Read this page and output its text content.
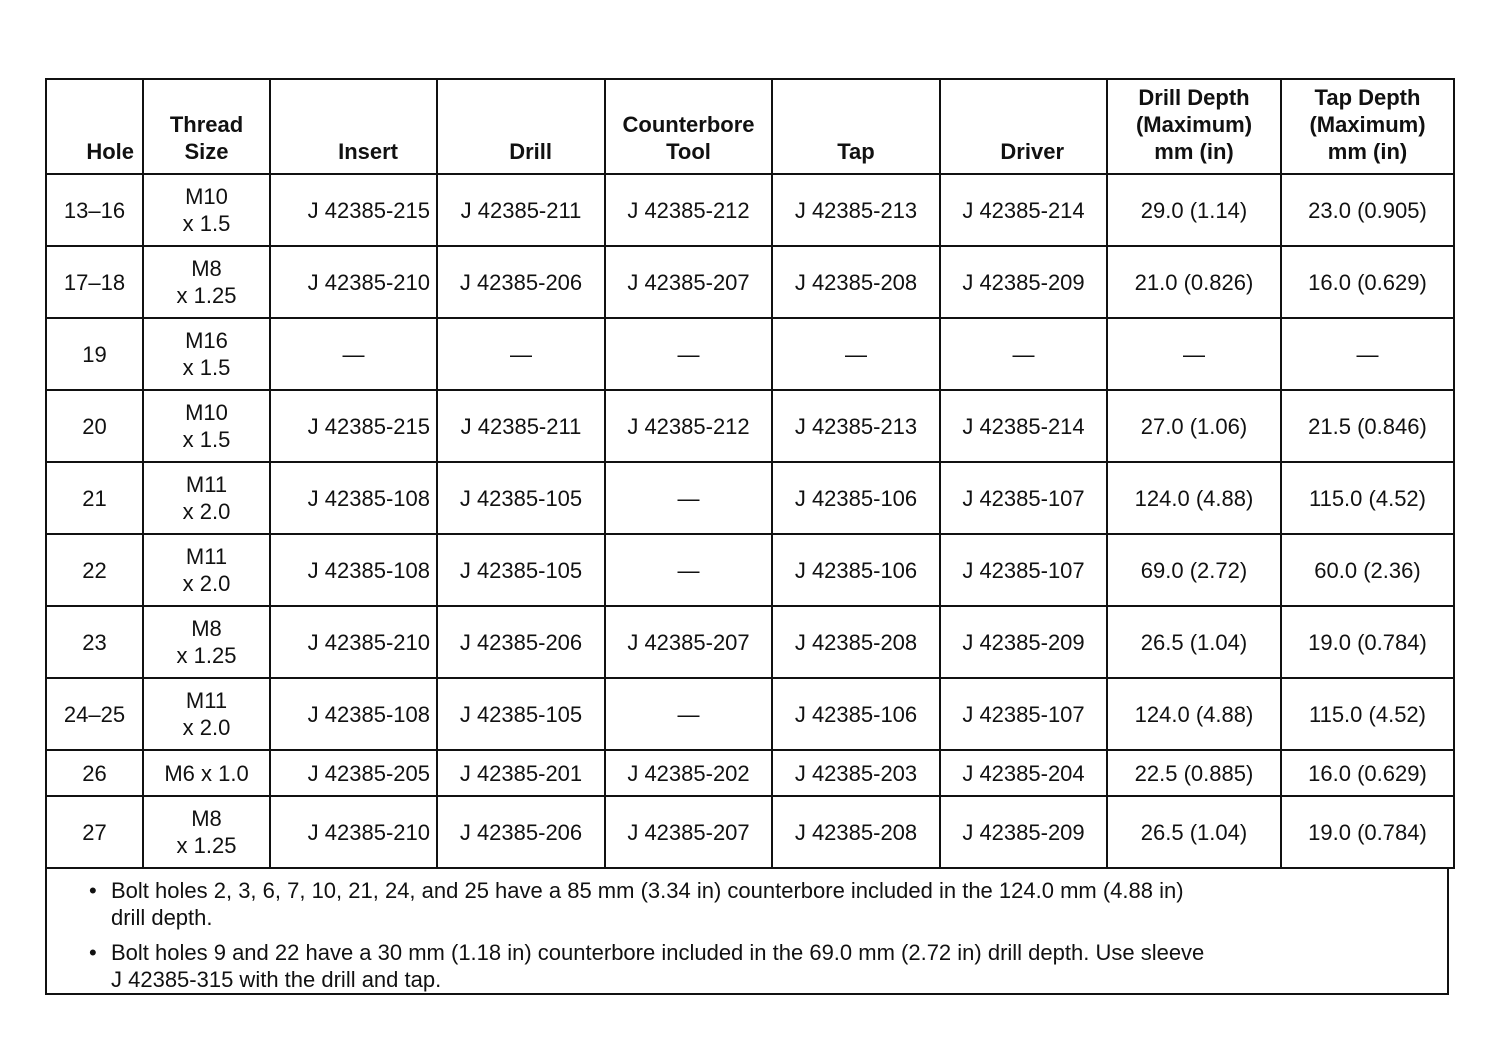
Hole	Thread
Size	Insert	Drill	Counterbore
Tool	Tap	Driver	Drill Depth
(Maximum)
mm (in)	Tap Depth
(Maximum)
mm (in)
13–16	M10
x 1.5	J 42385-215	J 42385-211	J 42385-212	J 42385-213	J 42385-214	29.0 (1.14)	23.0 (0.905)
17–18	M8
x 1.25	J 42385-210	J 42385-206	J 42385-207	J 42385-208	J 42385-209	21.0 (0.826)	16.0 (0.629)
19	M16
x 1.5	—	—	—	—	—	—	—
20	M10
x 1.5	J 42385-215	J 42385-211	J 42385-212	J 42385-213	J 42385-214	27.0 (1.06)	21.5 (0.846)
21	M11
x 2.0	J 42385-108	J 42385-105	—	J 42385-106	J 42385-107	124.0 (4.88)	115.0 (4.52)
22	M11
x 2.0	J 42385-108	J 42385-105	—	J 42385-106	J 42385-107	69.0 (2.72)	60.0 (2.36)
23	M8
x 1.25	J 42385-210	J 42385-206	J 42385-207	J 42385-208	J 42385-209	26.5 (1.04)	19.0 (0.784)
24–25	M11
x 2.0	J 42385-108	J 42385-105	—	J 42385-106	J 42385-107	124.0 (4.88)	115.0 (4.52)
26	M6 x 1.0	J 42385-205	J 42385-201	J 42385-202	J 42385-203	J 42385-204	22.5 (0.885)	16.0 (0.629)
27	M8
x 1.25	J 42385-210	J 42385-206	J 42385-207	J 42385-208	J 42385-209	26.5 (1.04)	19.0 (0.784)
• Bolt holes 2, 3, 6, 7, 10, 21, 24, and 25 have a 85 mm (3.34 in) counterbore included in the 124.0 mm (4.88 in)
drill depth.
• Bolt holes 9 and 22 have a 30 mm (1.18 in) counterbore included in the 69.0 mm (2.72 in) drill depth. Use sleeve
J 42385-315 with the drill and tap.
